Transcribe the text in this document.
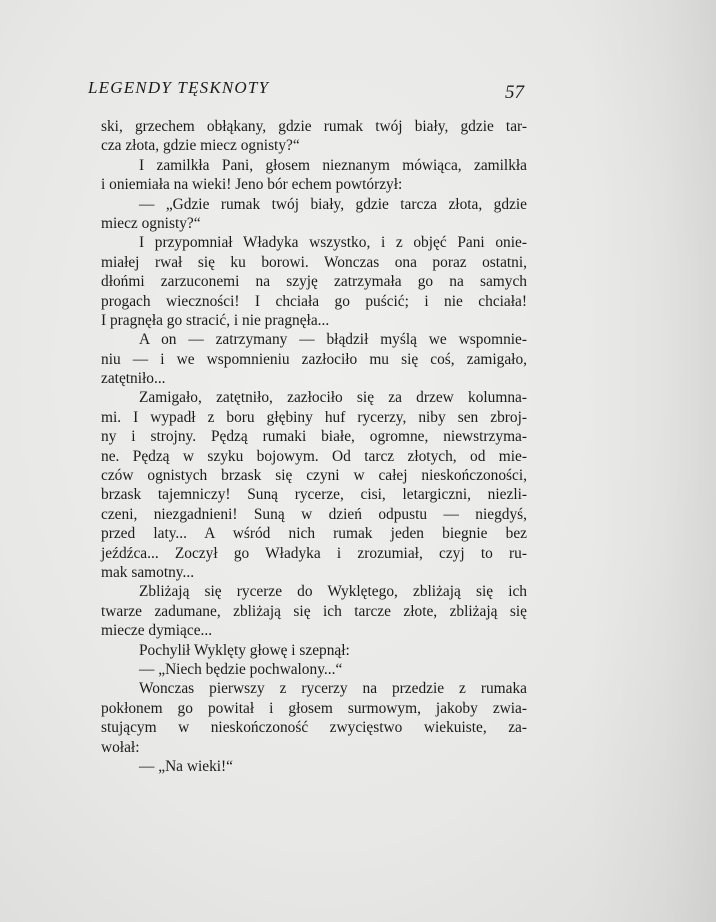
LEGENDY TĘSKNOTY	57
ski, grzechem obłąkany, gdzie rumak twój biały, gdzie tar-
cza złota, gdzie miecz ognisty?“
I zamilkła Pani, głosem nieznanym mówiąca, zamilkła
i oniemiała na wieki! Jeno bór echem powtórzył:
— „Gdzie rumak twój biały, gdzie tarcza złota, gdzie
miecz ognisty?“
I przypomniał Władyka wszystko, i z objęć Pani onie-
miałej rwał się ku borowi. Wonczas ona poraz ostatni,
dłońmi zarzuconemi na szyję zatrzymała go na samych
progach wieczności! I chciała go puścić; i nie chciała!
I pragnęła go stracić, i nie pragnęła...
A on — zatrzymany — błądził myślą we wspomnie-
niu — i we wspomnieniu zazłociło mu się coś, zamigało,
zatętniło...
Zamigało, zatętniło, zazłociło się za drzew kolumna-
mi. I wypadł z boru głębiny huf rycerzy, niby sen zbroj-
ny i strojny. Pędzą rumaki białe, ogromne, niewstrzyma-
ne. Pędzą w szyku bojowym. Od tarcz złotych, od mie-
czów ognistych brzask się czyni w całej nieskończoności,
brzask tajemniczy! Suną rycerze, cisi, letargiczni, niezli-
czeni, niezgadnieni! Suną w dzień odpustu — niegdyś,
przed laty... A wśród nich rumak jeden biegnie bez
jeźdźca... Zoczył go Władyka i zrozumiał, czyj to ru-
mak samotny...
Zbliżają się rycerze do Wyklętego, zbliżają się ich
twarze zadumane, zbliżają się ich tarcze złote, zbliżają się
miecze dymiące...
Pochylił Wyklęty głowę i szepnął:
— „Niech będzie pochwalony...“
Wonczas pierwszy z rycerzy na przedzie z rumaka
pokłonem go powitał i głosem surmowym, jakoby zwia-
stującym w nieskończoność zwycięstwo wiekuiste, za-
wołał:
— „Na wieki!“
